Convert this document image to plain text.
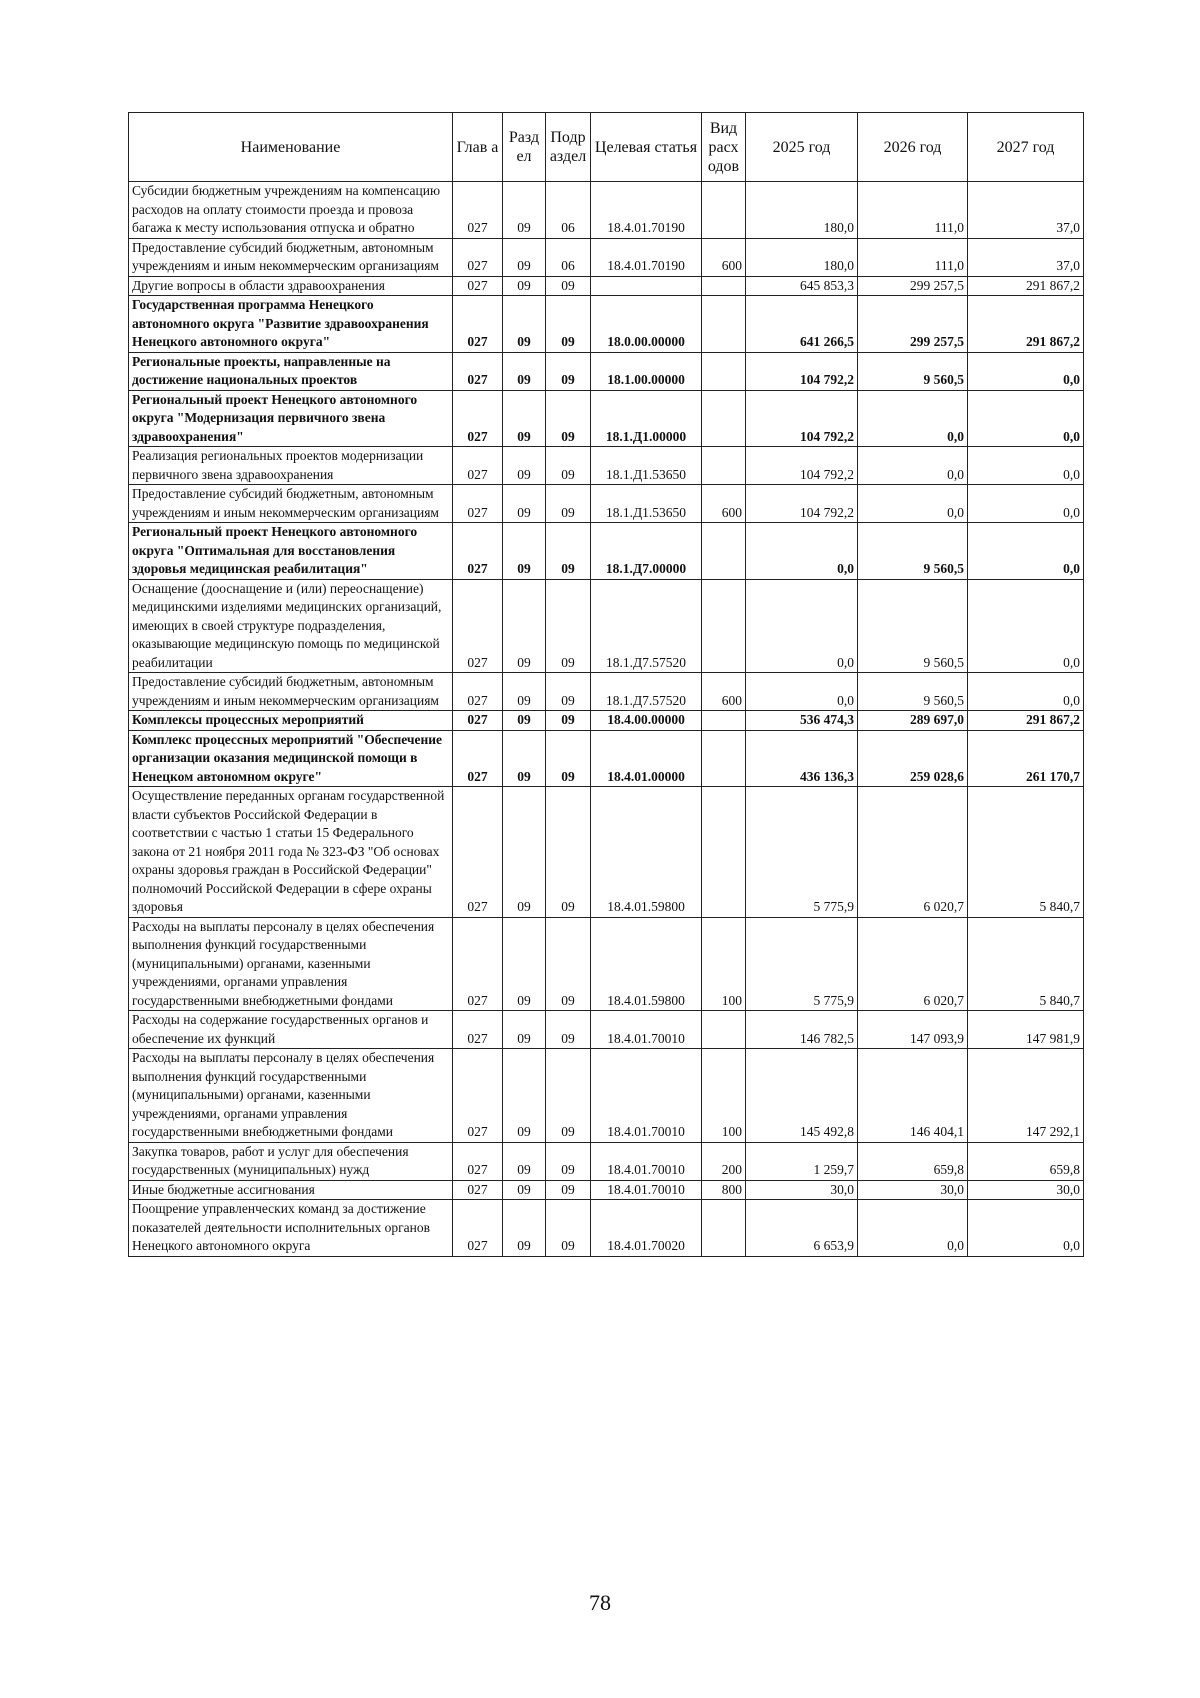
Наименование	Глав а	Разд ел	Подр аздел	Целевая статья	Вид расх одов	2025 год	2026 год	2027 год
Субсидии бюджетным учреждениям на компенсацию расходов на оплату стоимости проезда и провоза багажа к месту использования отпуска и обратно	027	09	06	18.4.01.70190		180,0	111,0	37,0
Предоставление субсидий бюджетным, автономным учреждениям и иным некоммерческим организациям	027	09	06	18.4.01.70190	600	180,0	111,0	37,0
Другие вопросы в области здравоохранения	027	09	09			645 853,3	299 257,5	291 867,2
Государственная программа Ненецкого автономного округа "Развитие здравоохранения Ненецкого автономного округа"	027	09	09	18.0.00.00000		641 266,5	299 257,5	291 867,2
Региональные проекты, направленные на достижение национальных проектов	027	09	09	18.1.00.00000		104 792,2	9 560,5	0,0
Региональный проект Ненецкого автономного округа "Модернизация первичного звена здравоохранения"	027	09	09	18.1.Д1.00000		104 792,2	0,0	0,0
Реализация региональных проектов модернизации первичного звена здравоохранения	027	09	09	18.1.Д1.53650		104 792,2	0,0	0,0
Предоставление субсидий бюджетным, автономным учреждениям и иным некоммерческим организациям	027	09	09	18.1.Д1.53650	600	104 792,2	0,0	0,0
Региональный проект Ненецкого автономного округа "Оптимальная для восстановления здоровья медицинская реабилитация"	027	09	09	18.1.Д7.00000		0,0	9 560,5	0,0
Оснащение (дооснащение и (или) переоснащение) медицинскими изделиями медицинских организаций, имеющих в своей структуре подразделения, оказывающие медицинскую помощь по медицинской реабилитации	027	09	09	18.1.Д7.57520		0,0	9 560,5	0,0
Предоставление субсидий бюджетным, автономным учреждениям и иным некоммерческим организациям	027	09	09	18.1.Д7.57520	600	0,0	9 560,5	0,0
Комплексы процессных мероприятий	027	09	09	18.4.00.00000		536 474,3	289 697,0	291 867,2
Комплекс процессных мероприятий "Обеспечение организации оказания медицинской помощи в Ненецком автономном округе"	027	09	09	18.4.01.00000		436 136,3	259 028,6	261 170,7
Осуществление переданных органам государственной власти субъектов Российской Федерации в соответствии с частью 1 статьи 15 Федерального закона от 21 ноября 2011 года № 323-ФЗ "Об основах охраны здоровья граждан в Российской Федерации" полномочий Российской Федерации в сфере охраны здоровья	027	09	09	18.4.01.59800		5 775,9	6 020,7	5 840,7
Расходы на выплаты персоналу в целях обеспечения выполнения функций государственными (муниципальными) органами, казенными учреждениями, органами управления государственными внебюджетными фондами	027	09	09	18.4.01.59800	100	5 775,9	6 020,7	5 840,7
Расходы на содержание государственных органов и обеспечение их функций	027	09	09	18.4.01.70010		146 782,5	147 093,9	147 981,9
Расходы на выплаты персоналу в целях обеспечения выполнения функций государственными (муниципальными) органами, казенными учреждениями, органами управления государственными внебюджетными фондами	027	09	09	18.4.01.70010	100	145 492,8	146 404,1	147 292,1
Закупка товаров, работ и услуг для обеспечения государственных (муниципальных) нужд	027	09	09	18.4.01.70010	200	1 259,7	659,8	659,8
Иные бюджетные ассигнования	027	09	09	18.4.01.70010	800	30,0	30,0	30,0
Поощрение управленческих команд за достижение показателей деятельности исполнительных органов Ненецкого автономного округа	027	09	09	18.4.01.70020		6 653,9	0,0	0,0
78
